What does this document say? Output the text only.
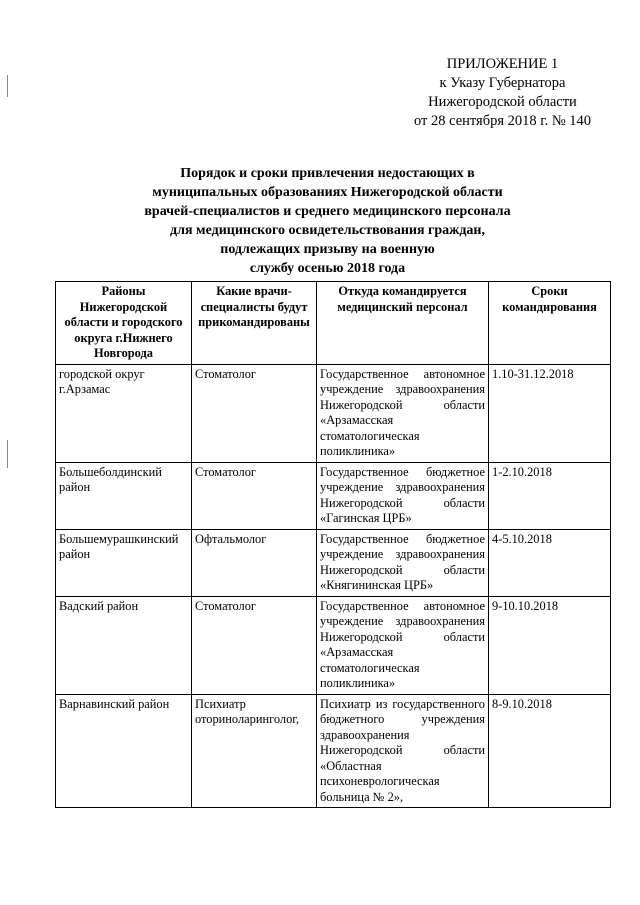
ПРИЛОЖЕНИЕ 1
к Указу Губернатора
Нижегородской области
от 28 сентября 2018 г. № 140
Порядок и сроки привлечения недостающих в
муниципальных образованиях Нижегородской области
врачей-специалистов и среднего медицинского персонала
для медицинского освидетельствования граждан,
подлежащих призыву на военную
службу осенью 2018 года
Районы Нижегородской области и городского округа г.Нижнего Новгорода	Какие врачи-специалисты будут прикомандированы	Откуда командируется медицинский персонал	Сроки командирования
городской округ г.Арзамас	Стоматолог	Государственное автономное учреждение здравоохранения Нижегородской области «Арзамасская стоматологическая поликлиника»	1.10-31.12.2018
Большеболдинский район	Стоматолог	Государственное бюджетное учреждение здравоохранения Нижегородской области «Гагинская ЦРБ»	1-2.10.2018
Большемурашкинский район	Офтальмолог	Государственное бюджетное учреждение здравоохранения Нижегородской области «Княгининская ЦРБ»	4-5.10.2018
Вадский район	Стоматолог	Государственное автономное учреждение здравоохранения Нижегородской области «Арзамасская стоматологическая поликлиника»	9-10.10.2018
Варнавинский район	Психиатр оториноларинголог,	Психиатр из государственного бюджетного учреждения здравоохранения Нижегородской области «Областная психоневрологическая больница № 2»,	8-9.10.2018
